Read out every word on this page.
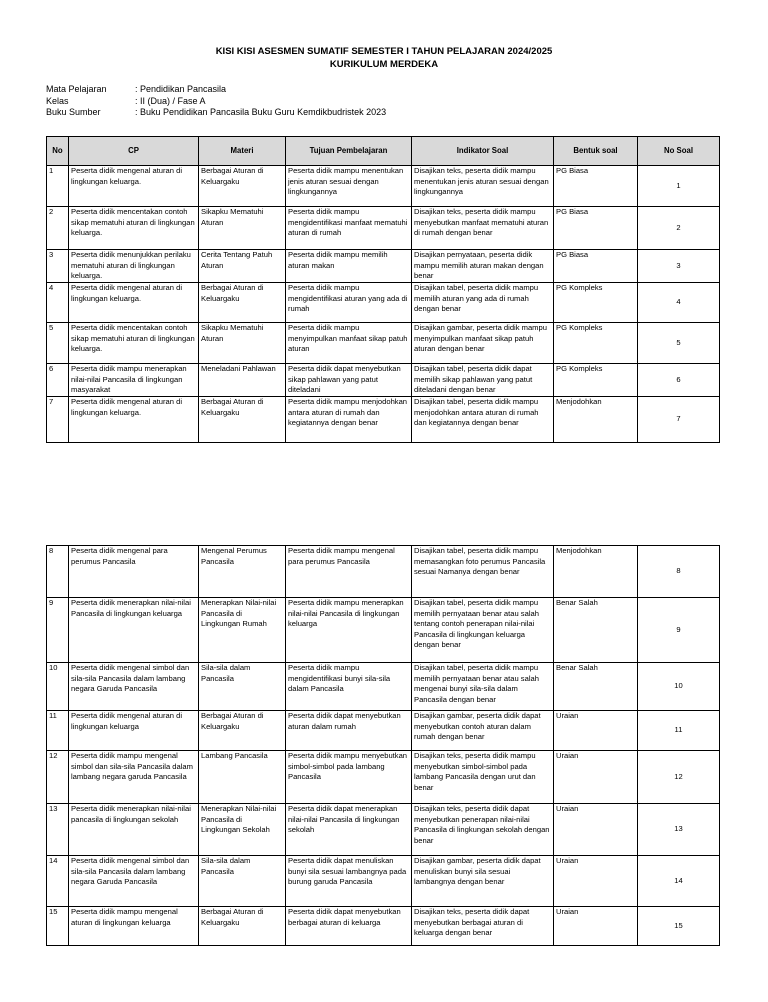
KISI KISI ASESMEN SUMATIF SEMESTER I TAHUN PELAJARAN 2024/2025
KURIKULUM MERDEKA
Mata Pelajaran	: Pendidikan Pancasila
Kelas	: II (Dua) / Fase A
Buku Sumber	: Buku Pendidikan Pancasila Buku Guru Kemdikbudristek 2023
No	CP	Materi	Tujuan Pembelajaran	Indikator Soal	Bentuk soal	No Soal
1	Peserta didik mengenal aturan di lingkungan keluarga.	Berbagai Aturan di Keluargaku	Peserta didik mampu menentukan jenis aturan sesuai dengan lingkungannya	Disajikan teks, peserta didik mampu menentukan jenis aturan sesuai dengan lingkungannya	PG Biasa	1
2	Peserta didik mencentakan contoh sikap mematuhi aturan di lingkungan keluarga.	Sikapku Mematuhi Aturan	Peserta didik mampu mengidentifikasi manfaat mematuhi aturan di rumah	Disajikan teks, peserta didik mampu menyebutkan manfaat mematuhi aturan di rumah dengan benar	PG Biasa	2
3	Peserta didik menunjukkan perilaku mematuhi aturan di lingkungan keluarga.	Cerita Tentang Patuh Aturan	Peserta didik mampu memilih aturan makan	Disajikan pernyataan, peserta didik mampu memilih aturan makan dengan benar	PG Biasa	3
4	Peserta didik mengenal aturan di lingkungan keluarga.	Berbagai Aturan di Keluargaku	Peserta didik mampu mengidentifikasi aturan yang ada di rumah	Disajikan tabel, peserta didik mampu memilih aturan yang ada di rumah dengan benar	PG Kompleks	4
5	Peserta didik mencentakan contoh sikap mematuhi aturan di lingkungan keluarga.	Sikapku Mematuhi Aturan	Peserta didik mampu menyimpulkan manfaat sikap patuh aturan	Disajikan gambar, peserta didik mampu menyimpulkan manfaat sikap patuh aturan dengan benar	PG Kompleks	5
6	Peserta didik mampu menerapkan nilai-nilai Pancasila di lingkungan masyarakat	Meneladani Pahlawan	Peserta didik dapat menyebutkan sikap pahlawan yang patut diteladani	Disajikan tabel, peserta didik dapat memilih sikap pahlawan yang patut diteladani dengan benar	PG Kompleks	6
7	Peserta didik mengenal aturan di lingkungan keluarga.	Berbagai Aturan di Keluargaku	Peserta didik mampu menjodohkan antara aturan di rumah dan kegiatannya dengan benar	Disajikan tabel, peserta didik mampu menjodohkan antara aturan di rumah dan kegiatannya dengan benar	Menjodohkan	7
8	Peserta didik mengenal para perumus Pancasila	Mengenal Perumus Pancasila	Peserta didik mampu mengenal para perumus Pancasila	Disajikan tabel, peserta didik mampu memasangkan foto perumus Pancasila sesuai Namanya dengan benar	Menjodohkan	8
9	Peserta didik menerapkan nilai-nilai Pancasila di lingkungan keluarga	Menerapkan Nilai-nilai Pancasila di Lingkungan Rumah	Peserta didik mampu menerapkan nilai-nilai Pancasila di lingkungan keluarga	Disajikan tabel, peserta didik mampu memilih pernyataan benar atau salah tentang contoh penerapan nilai-nilai Pancasila di lingkungan keluarga dengan benar	Benar Salah	9
10	Peserta didik mengenal simbol dan sila-sila Pancasila dalam lambang negara Garuda Pancasila	Sila-sila dalam Pancasila	Peserta didik mampu mengidentifikasi bunyi sila-sila dalam Pancasila	Disajikan tabel, peserta didik mampu memilih pernyataan benar atau salah mengenai bunyi sila-sila dalam Pancasila dengan benar	Benar Salah	10
11	Peserta didik mengenal aturan di lingkungan keluarga	Berbagai Aturan di Keluargaku	Peserta didik dapat menyebutkan aturan dalam rumah	Disajikan gambar, peserta didik dapat menyebutkan contoh aturan dalam rumah dengan benar	Uraian	11
12	Peserta didik mampu mengenal simbol dan sila-sila Pancasila dalam lambang negara garuda Pancasila	Lambang Pancasila	Peserta didik mampu menyebutkan simbol-simbol pada lambang Pancasila	Disajikan teks, peserta didik mampu menyebutkan simbol-simbol pada lambang Pancasila dengan urut dan benar	Uraian	12
13	Peserta didik menerapkan nilai-nilai pancasila di lingkungan sekolah	Menerapkan Nilai-nilai Pancasila di Lingkungan Sekolah	Peserta didik dapat menerapkan nilai-nilai Pancasila di lingkungan sekolah	Disajikan teks, peserta didik dapat menyebutkan penerapan nilai-nilai Pancasila di lingkungan sekolah dengan benar	Uraian	13
14	Peserta didik mengenal simbol dan sila-sila Pancasila dalam lambang negara Garuda Pancasila	Sila-sila dalam Pancasila	Peserta didik dapat menuliskan bunyi sila sesuai lambangnya pada burung garuda Pancasila	Disajikan gambar, peserta didik dapat menuliskan bunyi sila sesuai lambangnya dengan benar	Uraian	14
15	Peserta didik mampu mengenal aturan di lingkungan keluarga	Berbagai Aturan di Keluargaku	Peserta didik dapat menyebutkan berbagai aturan di keluarga	Disajikan teks, peserta didik dapat menyebutkan berbagai aturan di keluarga dengan benar	Uraian	15
